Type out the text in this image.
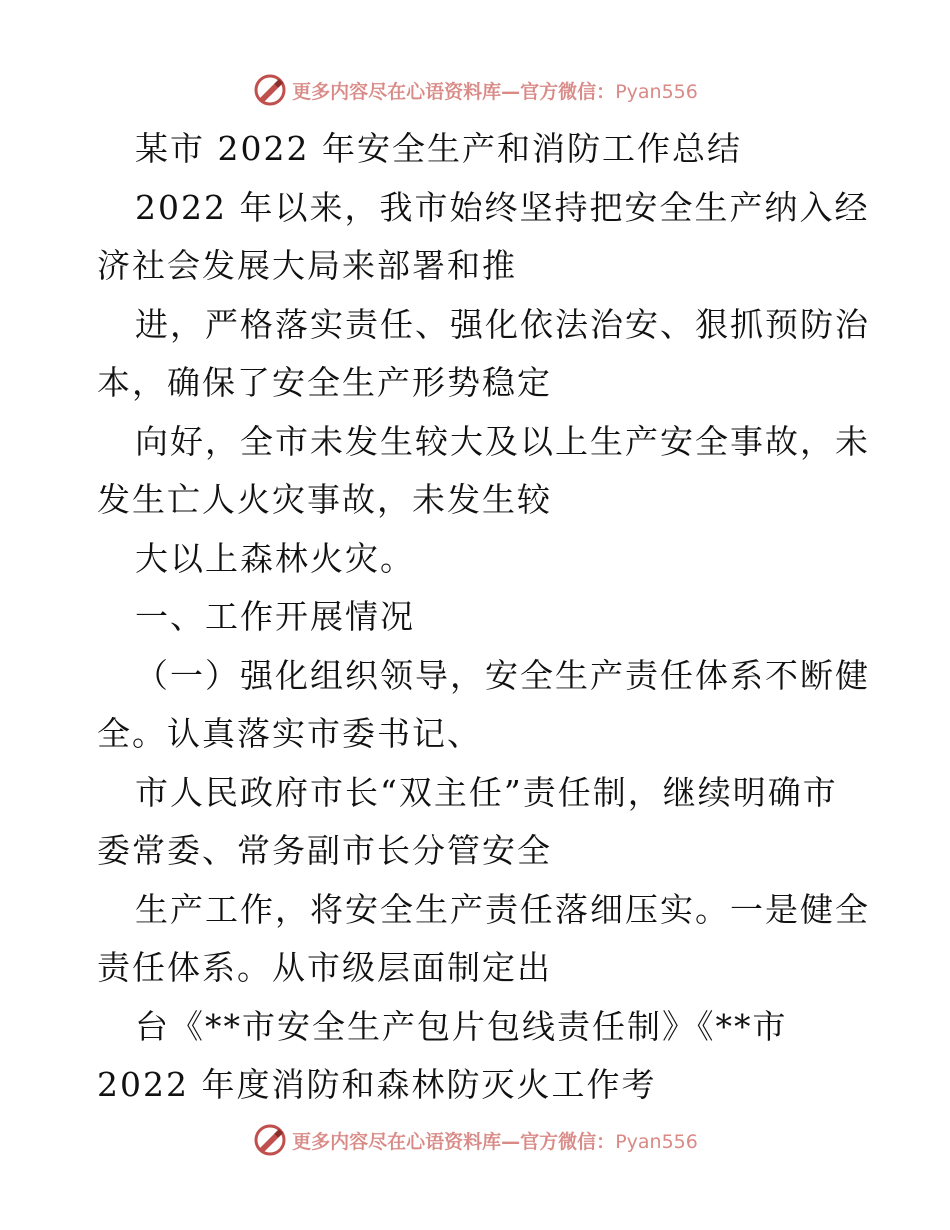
更多内容尽在心语资料库—官方微信：Pyan556
某市 2022 年安全生产和消防工作总结
2022 年以来，我市始终坚持把安全生产纳入经
济社会发展大局来部署和推
进，严格落实责任、强化依法治安、狠抓预防治
本，确保了安全生产形势稳定
向好，全市未发生较大及以上生产安全事故，未
发生亡人火灾事故，未发生较
大以上森林火灾。
一、工作开展情况
（一）强化组织领导，安全生产责任体系不断健
全。认真落实市委书记、
市人民政府市长“双主任”责任制，继续明确市
委常委、常务副市长分管安全
生产工作，将安全生产责任落细压实。一是健全
责任体系。从市级层面制定出
台《**市安全生产包片包线责任制》《**市
2022 年度消防和森林防灭火工作考
更多内容尽在心语资料库—官方微信：Pyan556
